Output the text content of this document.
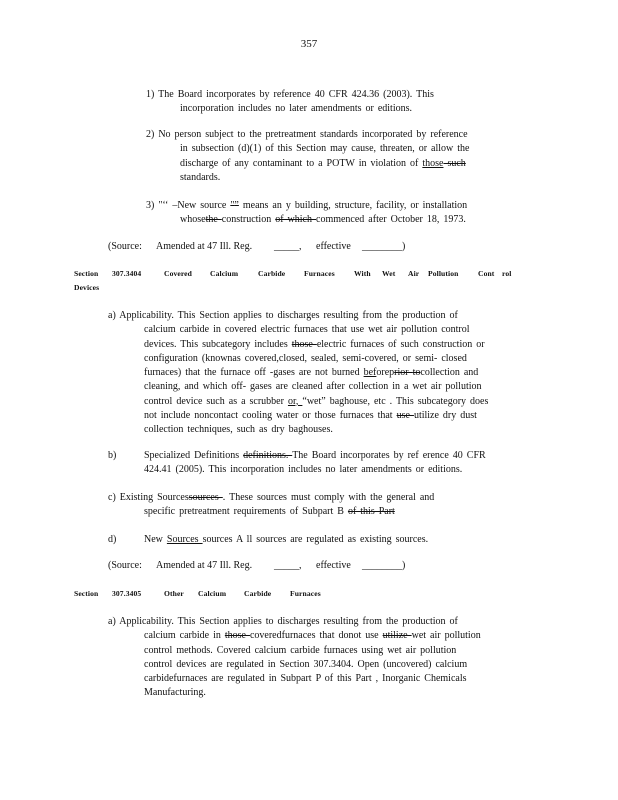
357
1) The Board incorporates by reference 40 CFR 424.36 (2003). This
incorporation includes no later amendments or editions.
2) No person subject to the pretreatment standards incorporated by reference
in subsection (d)(1) of this Section may cause, threaten, or allow the
discharge of any contaminant to a POTW in violation of those such
standards.
3) "‘‘ –New source "” means an y building, structure, facility, or installation
whosethe construction of which commenced after October 18, 1973.
(Source: Amended at 47 Ill. Reg. _____, effective ________)
Section 307.3404	Covered Calcium	Carbide Furnaces	With Wet Air Pollution	Cont rol
Devices
a) Applicability. This Section applies to discharges resulting from the production of
calcium carbide in covered electric furnaces that use wet air pollution control
devices. This subcategory includes those electric furnaces of such construction or
configuration (knownas covered,closed, sealed, semi-covered, or semi- closed
furnaces) that the furnace off -gases are not burned beforeprior tocollection and
cleaning, and which off- gases are cleaned after collection in a wet air pollution
control device such as a scrubber or, “wet” baghouse, etc . This subcategory does
not include noncontact cooling water or those furnaces that use utilize dry dust
collection techniques, such as dry baghouses.
b)	Specialized Definitions definitions. The Board incorporates by ref erence 40 CFR
424.41 (2005). This incorporation includes no later amendments or editions.
c) Existing Sourcessources . These sources must comply with the general and
specific pretreatment requirements of Subpart B of this Part
d)	New Sources sources A ll sources are regulated as existing sources.
(Source: Amended at 47 Ill. Reg. _____, effective ________)
Section 307.3405	Other Calcium Carbide Furnaces
a) Applicability. This Section applies to discharges resulting from the production of
calcium carbide in those coveredfurnaces that donot use utilize wet air pollution
control methods. Covered calcium carbide furnaces using wet air pollution
control devices are regulated in Section 307.3404. Open (uncovered) calcium
carbidefurnaces are regulated in Subpart P of this Part , Inorganic Chemicals
Manufacturing.
